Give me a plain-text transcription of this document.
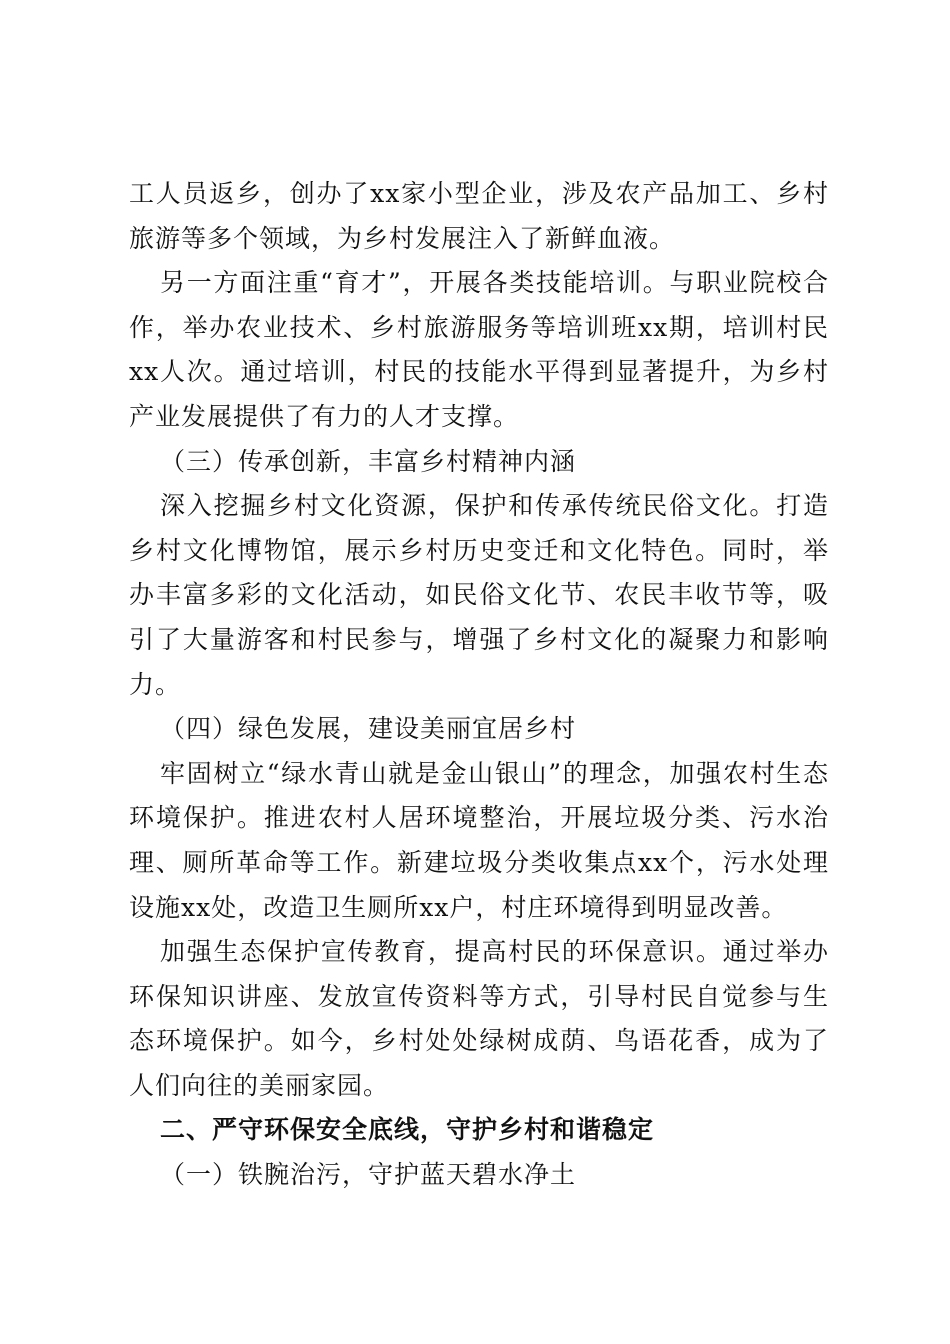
工人员返乡，创办了xx家小型企业，涉及农产品加工、乡村旅游等多个领域，为乡村发展注入了新鲜血液。

另一方面注重“育才”，开展各类技能培训。与职业院校合作，举办农业技术、乡村旅游服务等培训班xx期，培训村民xx人次。通过培训，村民的技能水平得到显著提升，为乡村产业发展提供了有力的人才支撑。

（三）传承创新，丰富乡村精神内涵

深入挖掘乡村文化资源，保护和传承传统民俗文化。打造乡村文化博物馆，展示乡村历史变迁和文化特色。同时，举办丰富多彩的文化活动，如民俗文化节、农民丰收节等，吸引了大量游客和村民参与，增强了乡村文化的凝聚力和影响力。

（四）绿色发展，建设美丽宜居乡村

牢固树立“绿水青山就是金山银山”的理念，加强农村生态环境保护。推进农村人居环境整治，开展垃圾分类、污水治理、厕所革命等工作。新建垃圾分类收集点xx个，污水处理设施xx处，改造卫生厕所xx户，村庄环境得到明显改善。

加强生态保护宣传教育，提高村民的环保意识。通过举办环保知识讲座、发放宣传资料等方式，引导村民自觉参与生态环境保护。如今，乡村处处绿树成荫、鸟语花香，成为了人们向往的美丽家园。

二、严守环保安全底线，守护乡村和谐稳定

（一）铁腕治污，守护蓝天碧水净土
